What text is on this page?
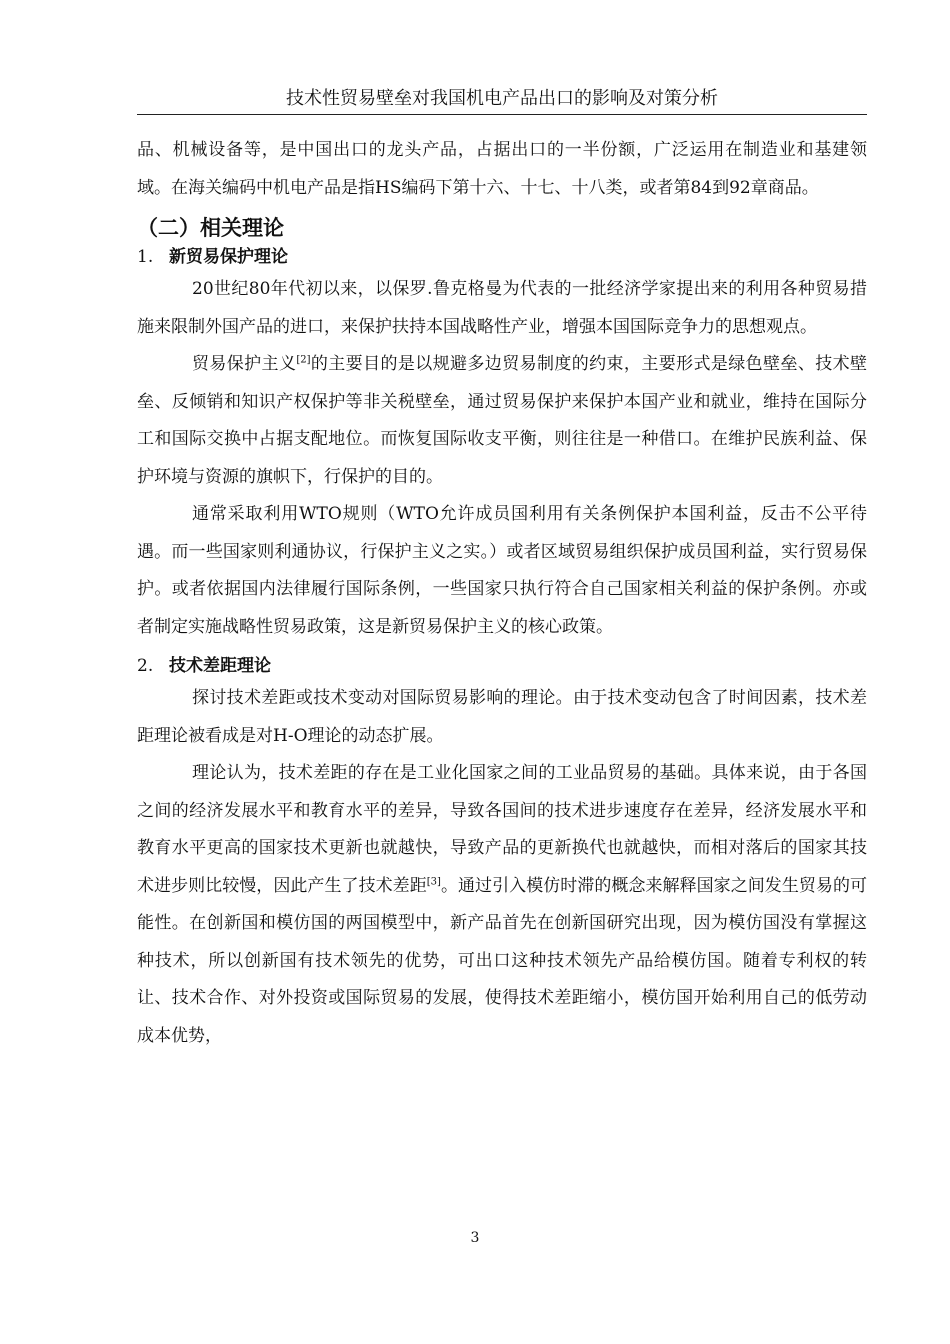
技术性贸易壁垒对我国机电产品出口的影响及对策分析

品、机械设备等，是中国出口的龙头产品，占据出口的一半份额，广泛运用在制造业和基建领域。在海关编码中机电产品是指HS编码下第十六、十七、十八类，或者第84到92章商品。

（二）相关理论
1. 新贸易保护理论

20世纪80年代初以来，以保罗.鲁克格曼为代表的一批经济学家提出来的利用各种贸易措施来限制外国产品的进口，来保护扶持本国战略性产业，增强本国国际竞争力的思想观点。

贸易保护主义[2]的主要目的是以规避多边贸易制度的约束，主要形式是绿色壁垒、技术壁垒、反倾销和知识产权保护等非关税壁垒，通过贸易保护来保护本国产业和就业，维持在国际分工和国际交换中占据支配地位。而恢复国际收支平衡，则往往是一种借口。在维护民族利益、保护环境与资源的旗帜下，行保护的目的。

通常采取利用WTO规则（WTO允许成员国利用有关条例保护本国利益，反击不公平待遇。而一些国家则利通协议，行保护主义之实。）或者区域贸易组织保护成员国利益，实行贸易保护。或者依据国内法律履行国际条例，一些国家只执行符合自己国家相关利益的保护条例。亦或者制定实施战略性贸易政策，这是新贸易保护主义的核心政策。

2. 技术差距理论

探讨技术差距或技术变动对国际贸易影响的理论。由于技术变动包含了时间因素，技术差距理论被看成是对H-O理论的动态扩展。

理论认为，技术差距的存在是工业化国家之间的工业品贸易的基础。具体来说，由于各国之间的经济发展水平和教育水平的差异，导致各国间的技术进步速度存在差异，经济发展水平和教育水平更高的国家技术更新也就越快，导致产品的更新换代也就越快，而相对落后的国家其技术进步则比较慢，因此产生了技术差距[3]。通过引入模仿时滞的概念来解释国家之间发生贸易的可能性。在创新国和模仿国的两国模型中，新产品首先在创新国研究出现，因为模仿国没有掌握这种技术，所以创新国有技术领先的优势，可出口这种技术领先产品给模仿国。随着专利权的转让、技术合作、对外投资或国际贸易的发展，使得技术差距缩小，模仿国开始利用自己的低劳动成本优势，

3
